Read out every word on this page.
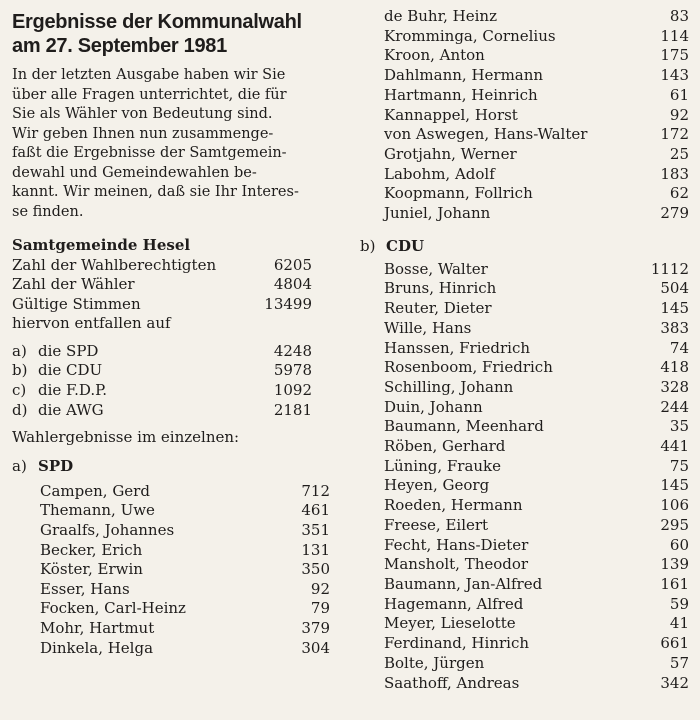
Ergebnisse der Kommunalwahl
am 27. September 1981

In der letzten Ausgabe haben wir Sie

über alle Fragen unterrichtet, die für

Sie als Wähler von Bedeutung sind.

Wir geben Ihnen nun zusammenge-

faßt die Ergebnisse der Samtgemein-

dewahl und Gemeindewahlen be-

kannt. Wir meinen, daß sie Ihr Interes-

se finden.

Samtgemeinde Hesel
Zahl der Wahlberechtigten	6205
Zahl der Wähler	4804
Gültige Stimmen	13499
hiervon entfallen auf
a) die SPD	4248
b) die CDU	5978
c) die F.D.P.	1092
d) die AWG	2181
Wahlergebnisse im einzelnen:
a) SPD
Campen, Gerd	712
Themann, Uwe	461
Graalfs, Johannes	351
Becker, Erich	131
Köster, Erwin	350
Esser, Hans	92
Focken, Carl-Heinz	79
Mohr, Hartmut	379
Dinkela, Helga	304
de Buhr, Heinz	83
Kromminga, Cornelius	114
Kroon, Anton	175
Dahlmann, Hermann	143
Hartmann, Heinrich	61
Kannappel, Horst	92
von Aswegen, Hans-Walter	172
Grotjahn, Werner	25
Labohm, Adolf	183
Koopmann, Follrich	62
Juniel, Johann	279
b) CDU
Bosse, Walter	1112
Bruns, Hinrich	504
Reuter, Dieter	145
Wille, Hans	383
Hanssen, Friedrich	74
Rosenboom, Friedrich	418
Schilling, Johann	328
Duin, Johann	244
Baumann, Meenhard	35
Röben, Gerhard	441
Lüning, Frauke	75
Heyen, Georg	145
Roeden, Hermann	106
Freese, Eilert	295
Fecht, Hans-Dieter	60
Mansholt, Theodor	139
Baumann, Jan-Alfred	161
Hagemann, Alfred	59
Meyer, Lieselotte	41
Ferdinand, Hinrich	661
Bolte, Jürgen	57
Saathoff, Andreas	342
